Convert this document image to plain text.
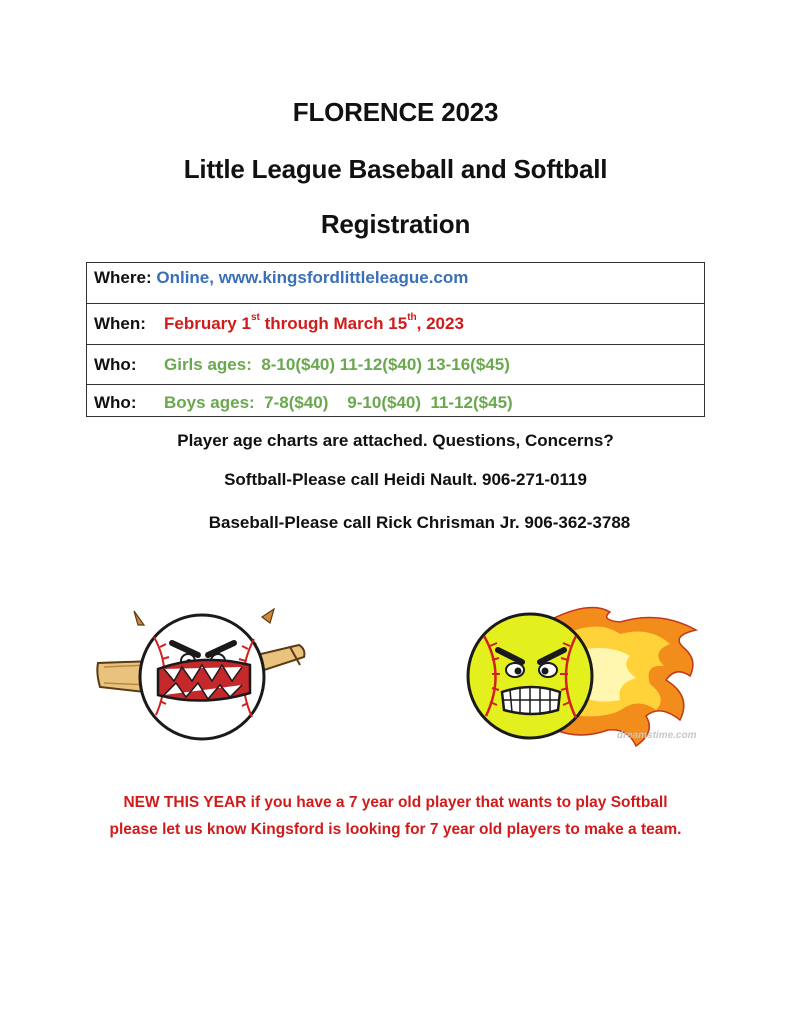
FLORENCE 2023
Little League Baseball and Softball
Registration
Where:
Online, www.kingsfordlittleleague.com
When:	February 1st through March 15th, 2023
Who:	Girls ages:  8-10($40) 11-12($40) 13-16($45)
Who:	Boys ages:  7-8($40)    9-10($40)  11-12($45)
Player age charts are attached. Questions, Concerns?
Softball-Please call Heidi Nault. 906-271-0119
Baseball-Please call Rick Chrisman Jr. 906-362-3788
dreamstime.com
NEW THIS YEAR if you have a 7 year old player that wants to play Softball
please let us know Kingsford is looking for 7 year old players to make a team.
